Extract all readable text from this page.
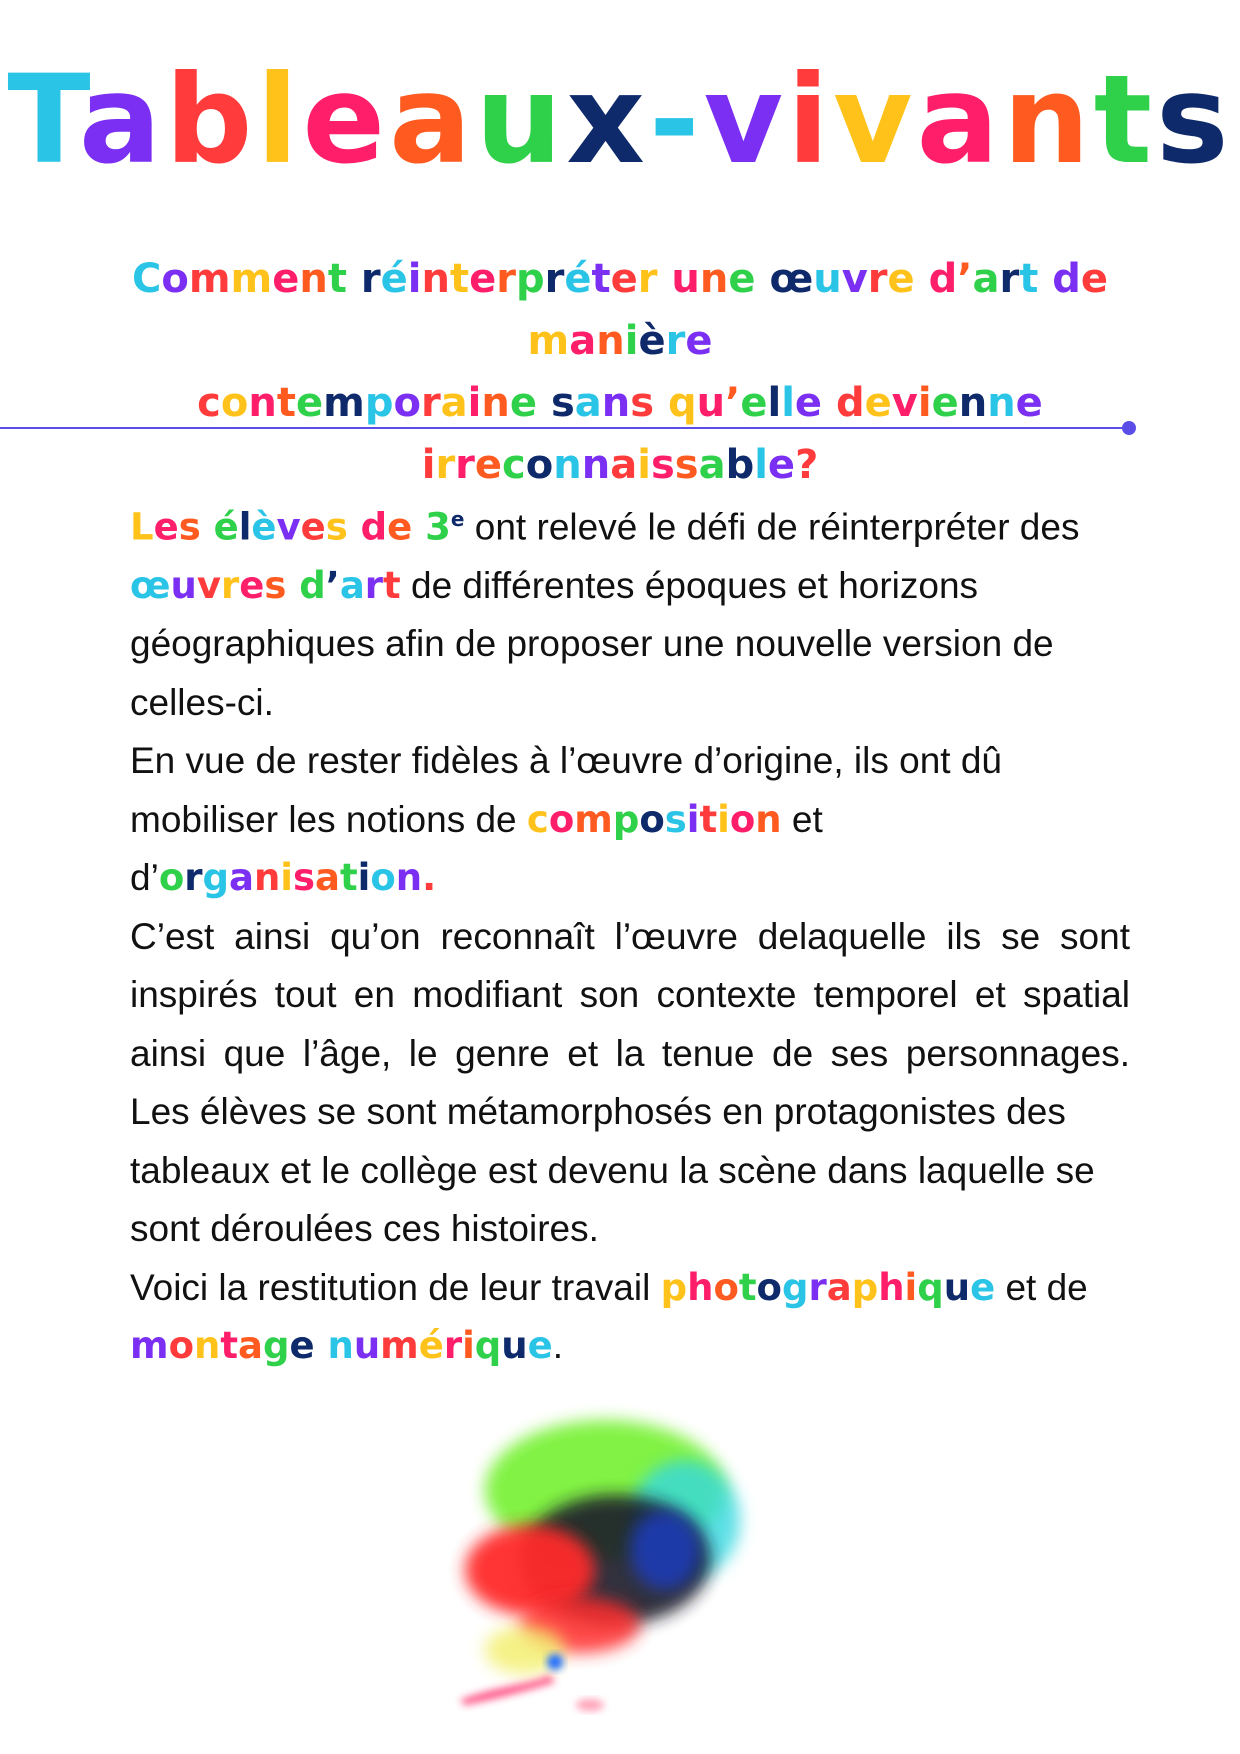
Tableaux-vivants
Comment réinterpréter une œuvre d’art de manière
contemporaine sans qu’elle devienne irreconnaissable?

Les élèves de 3e ont relevé le défi de réinterpréter des œuvres d’art de différentes époques et horizons géographiques afin de proposer une nouvelle version de celles-ci.

En vue de rester fidèles à l’œuvre d’origine, ils ont dû mobiliser les notions de composition et d’organisation.

C’est ainsi qu’on reconnaît l’œuvre delaquelle ils se sont inspirés tout en modifiant son contexte temporel et spatial ainsi que l’âge, le genre et la tenue de ses personnages.

Les élèves se sont métamorphosés en protagonistes des tableaux et le collège est devenu la scène dans laquelle se sont déroulées ces histoires.

Voici la restitution de leur travail photographique et de montage numérique.
